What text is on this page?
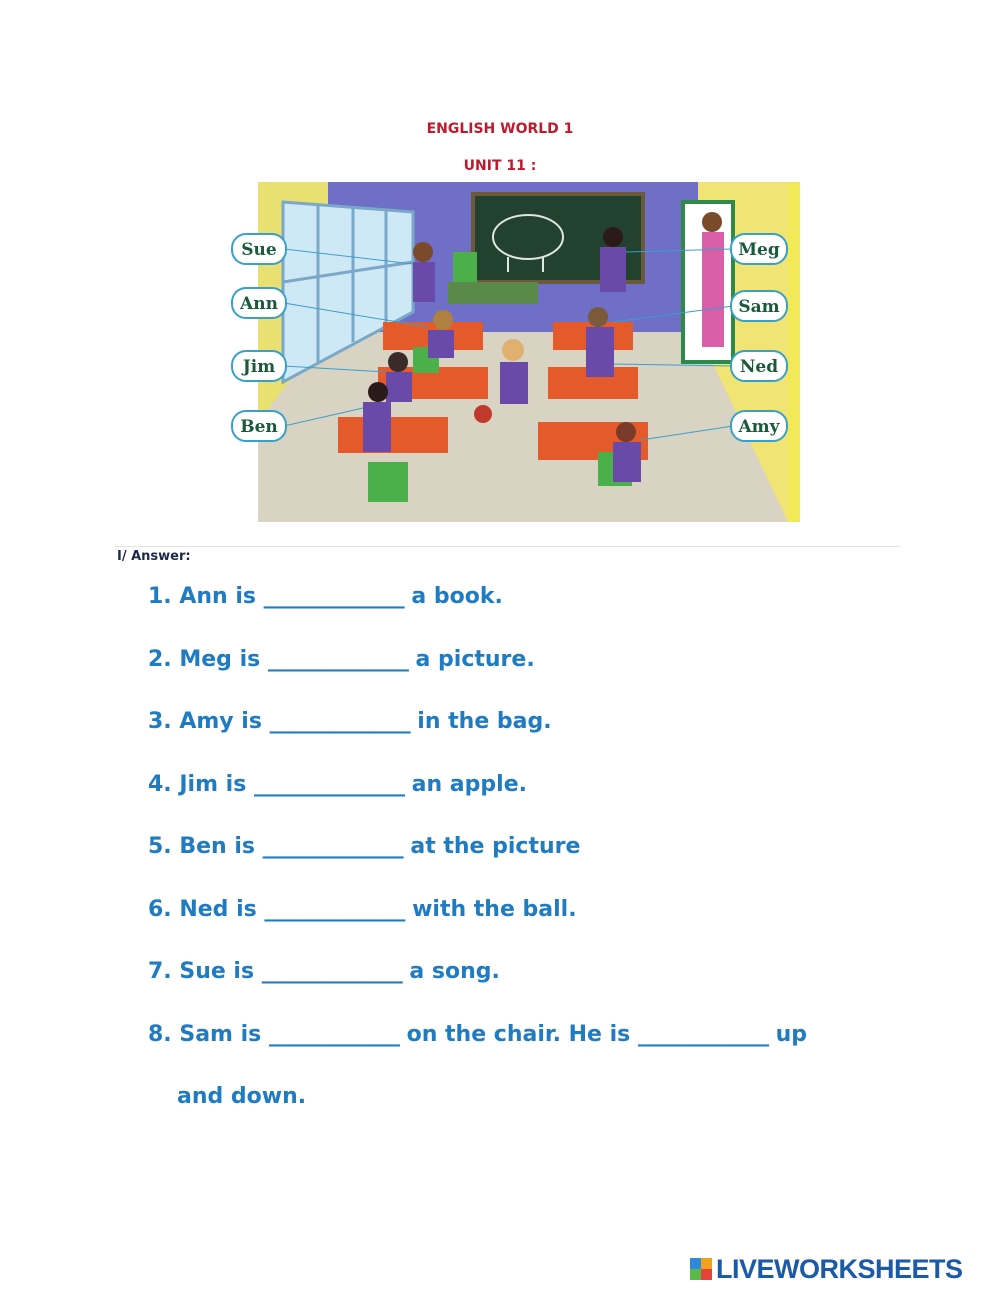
ENGLISH WORLD 1
UNIT 11 :
Sue
Ann
Jim
Ben
Meg
Sam
Ned
Amy
I/ Answer:
1. Ann is ______________ a book.
2. Meg is ______________ a picture.
3. Amy is ______________ in the bag.
4. Jim is _______________ an apple.
5. Ben is ______________ at the picture
6. Ned is ______________ with the ball.
7. Sue is ______________ a song.
8. Sam is _____________ on the chair. He is _____________ up
and down.
LIVEWORKSHEETS
